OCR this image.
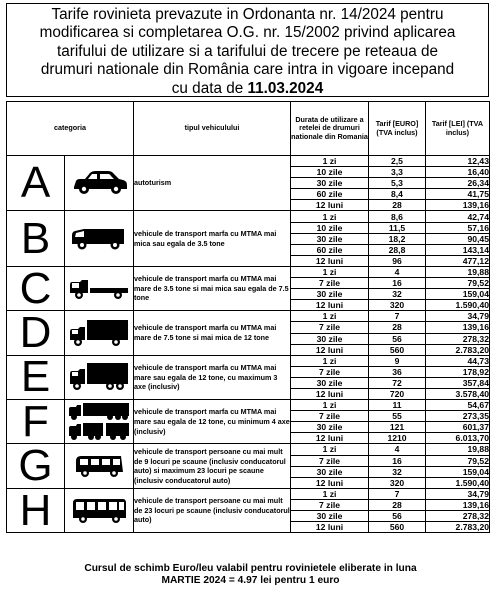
Tarife rovinieta prevazute in Ordonanta nr. 14/2024 pentru
modificarea si completarea O.G. nr. 15/2002 privind aplicarea
tarifului de utilizare si a tarifului de trecere pe reteaua de
drumuri nationale din România care intra in vigoare incepand
cu data de 11.03.2024
categoria		tipul vehiculului	Durata de utilizare a retelei de drumuri nationale din Romania	Tarif [EURO] (TVA inclus)	Tarif [LEI] (TVA inclus)
A		autoturism	1 zi	2,5	12,43
			10 zile	3,3	16,40
			30 zile	5,3	26,34
			60 zile	8,4	41,75
			12 luni	28	139,16
B		vehicule de transport marfa cu MTMA mai mica sau egala de 3.5 tone	1 zi	8,6	42,74
			10 zile	11,5	57,16
			30 zile	18,2	90,45
			60 zile	28,8	143,14
			12 luni	96	477,12
C		vehicule de transport marfa cu MTMA mai mare de 3.5 tone si mai mica sau egala de 7.5 tone	1 zi	4	19,88
			7 zile	16	79,52
			30 zile	32	159,04
			12 luni	320	1.590,40
D		vehicule de transport marfa cu MTMA mai mare de 7.5 tone si mai mica de 12 tone	1 zi	7	34,79
			7 zile	28	139,16
			30 zile	56	278,32
			12 luni	560	2.783,20
E		vehicule de transport marfa cu MTMA mai mare sau egala de 12 tone, cu maximum 3 axe (inclusiv)	1 zi	9	44,73
			7 zile	36	178,92
			30 zile	72	357,84
			12 luni	720	3.578,40
F		vehicule de transport marfa cu MTMA mai mare sau egala de 12 tone, cu minimum 4 axe (inclusiv)	1 zi	11	54,67
			7 zile	55	273,35
			30 zile	121	601,37
			12 luni	1210	6.013,70
G		vehicule de transport persoane cu mai mult de 9 locuri pe scaune (inclusiv conducatorul auto) si maximum 23 locuri pe scaune (inclusiv conducatorul auto)	1 zi	4	19,88
			7 zile	16	79,52
			30 zile	32	159,04
			12 luni	320	1.590,40
H		vehicule de transport persoane cu mai mult de 23 locuri pe scaune (inclusiv conducatorul auto)	1 zi	7	34,79
			7 zile	28	139,16
			30 zile	56	278,32
			12 luni	560	2.783,20
Cursul de schimb Euro/leu valabil pentru rovinietele eliberate in luna
MARTIE 2024 = 4.97 lei pentru 1 euro
